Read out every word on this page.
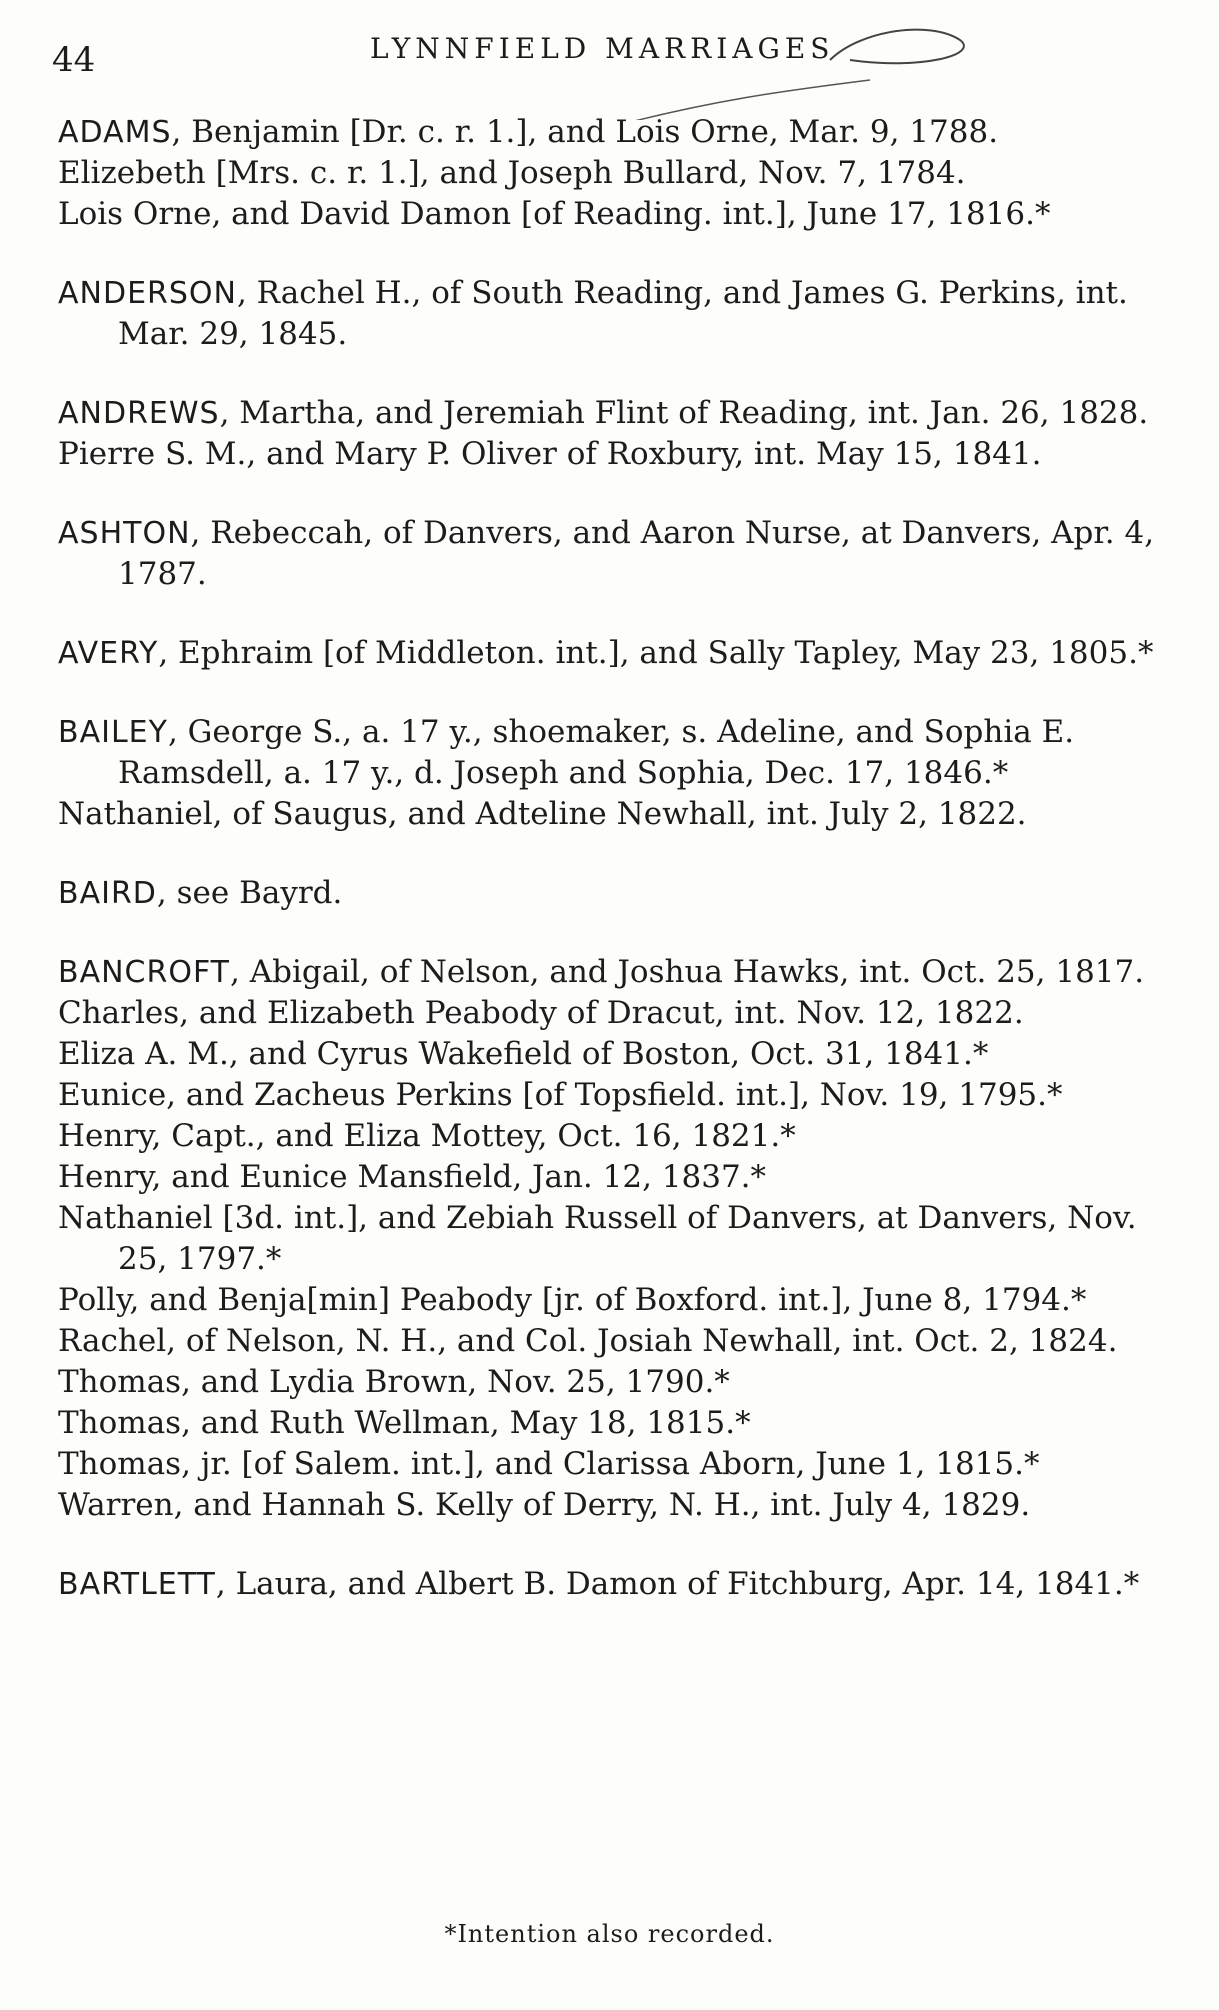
44	LYNNFIELD MARRIAGES

ADAMS, Benjamin [Dr. c. r. 1.], and Lois Orne, Mar. 9, 1788.

Elizebeth [Mrs. c. r. 1.], and Joseph Bullard, Nov. 7, 1784.

Lois Orne, and David Damon [of Reading. int.], June 17, 1816.*

ANDERSON, Rachel H., of South Reading, and James G. Perkins, int. Mar. 29, 1845.

ANDREWS, Martha, and Jeremiah Flint of Reading, int. Jan. 26, 1828.

Pierre S. M., and Mary P. Oliver of Roxbury, int. May 15, 1841.

ASHTON, Rebeccah, of Danvers, and Aaron Nurse, at Danvers, Apr. 4, 1787.

AVERY, Ephraim [of Middleton. int.], and Sally Tapley, May 23, 1805.*

BAILEY, George S., a. 17 y., shoemaker, s. Adeline, and Sophia E. Ramsdell, a. 17 y., d. Joseph and Sophia, Dec. 17, 1846.*

Nathaniel, of Saugus, and Adteline Newhall, int. July 2, 1822.

BAIRD, see Bayrd.

BANCROFT, Abigail, of Nelson, and Joshua Hawks, int. Oct. 25, 1817.

Charles, and Elizabeth Peabody of Dracut, int. Nov. 12, 1822.

Eliza A. M., and Cyrus Wakefield of Boston, Oct. 31, 1841.*

Eunice, and Zacheus Perkins [of Topsfield. int.], Nov. 19, 1795.*

Henry, Capt., and Eliza Mottey, Oct. 16, 1821.*

Henry, and Eunice Mansfield, Jan. 12, 1837.*

Nathaniel [3d. int.], and Zebiah Russell of Danvers, at Danvers, Nov. 25, 1797.*

Polly, and Benja[min] Peabody [jr. of Boxford. int.], June 8, 1794.*

Rachel, of Nelson, N. H., and Col. Josiah Newhall, int. Oct. 2, 1824.

Thomas, and Lydia Brown, Nov. 25, 1790.*

Thomas, and Ruth Wellman, May 18, 1815.*

Thomas, jr. [of Salem. int.], and Clarissa Aborn, June 1, 1815.*

Warren, and Hannah S. Kelly of Derry, N. H., int. July 4, 1829.

BARTLETT, Laura, and Albert B. Damon of Fitchburg, Apr. 14, 1841.*

*Intention also recorded.
